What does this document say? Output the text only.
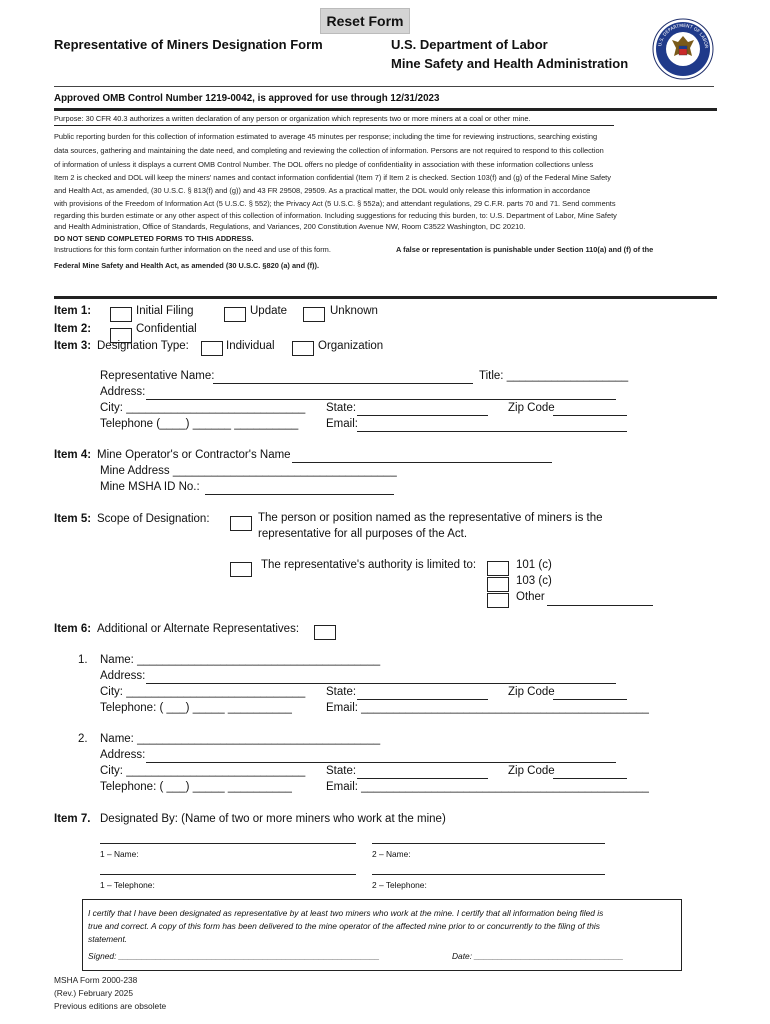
Reset Form
Representative of Miners Designation Form	U.S. Department of Labor
Mine Safety and Health Administration
U.S. DEPARTMENT OF LABOR
Approved OMB Control Number 1219-0042, is approved for use through 12/31/2023
Purpose: 30 CFR 40.3 authorizes a written declaration of any person or organization which represents two or more miners at a coal or other mine.
Public reporting burden for this collection of information estimated to average 45 minutes per response; including the time for reviewing instructions, searching existing
data sources, gathering and maintaining the date need, and completing and reviewing the collection of information. Persons are not required to respond to this collection
of information of unless it displays a current OMB Control Number. The DOL offers no pledge of confidentiality in association with these information collections unless
Item 2 is checked and DOL will keep the miners' names and contact information confidential (Item 7) if Item 2 is checked. Section 103(f) and (g) of the Federal Mine Safety
and Health Act, as amended, (30 U.S.C. § 813(f) and (g)) and 43 FR 29508, 29509. As a practical matter, the DOL would only release this information in accordance
with provisions of the Freedom of Information Act (5 U.S.C. § 552); the Privacy Act (5 U.S.C. § 552a); and attendant regulations, 29 C.F.R. parts 70 and 71. Send comments
regarding this burden estimate or any other aspect of this collection of information. Including suggestions for reducing this burden, to: U.S. Department of Labor, Mine Safety
and Health Administration, Office of Standards, Regulations, and Variances, 200 Constitution Avenue NW, Room C3522 Washington, DC 20210.
DO NOT SEND COMPLETED FORMS TO THIS ADDRESS.
Instructions for this form contain further information on the need and use of this form.	A false or representation is punishable under Section 110(a) and (f) of the
Federal Mine Safety and Health Act, as amended (30 U.S.C. §820 (a) and (f)).
Item 1:	Initial Filing	Update	Unknown
Item 2:	Confidential
Item 3: Designation Type:	Individual	Organization
Representative Name:	Title: ___________________
Address:
City: ____________________________ State:	Zip Code
Telephone (____) ______ __________ Email:
Item 4: Mine Operator's or Contractor's Name
Mine Address ___________________________________
Mine MSHA ID No.:
Item 5: Scope of Designation:	The person or position named as the representative of miners is the
representative for all purposes of the Act.
The representative's authority is limited to:	101 (c)
103 (c)
Other
Item 6: Additional or Alternate Representatives:
1. Name: ______________________________________
Address:
City: ____________________________ State:	Zip Code
Telephone: ( ___) _____ __________	Email: _____________________________________________
2. Name: ______________________________________
Address:
City: ____________________________ State:	Zip Code
Telephone: ( ___) _____ __________	Email: _____________________________________________
Item 7. Designated By: (Name of two or more miners who work at the mine)
1 – Name:	2 – Name:
1 – Telephone:	2 – Telephone:
I certify that I have been designated as representative by at least two miners who work at the mine. I certify that all information being filed is
true and correct. A copy of this form has been delivered to the mine operator of the affected mine prior to or concurrently to the filing of this
statement.
Signed: ________________________________________________________	Date: ________________________________
MSHA Form 2000-238
(Rev.) February 2025
Previous editions are obsolete
